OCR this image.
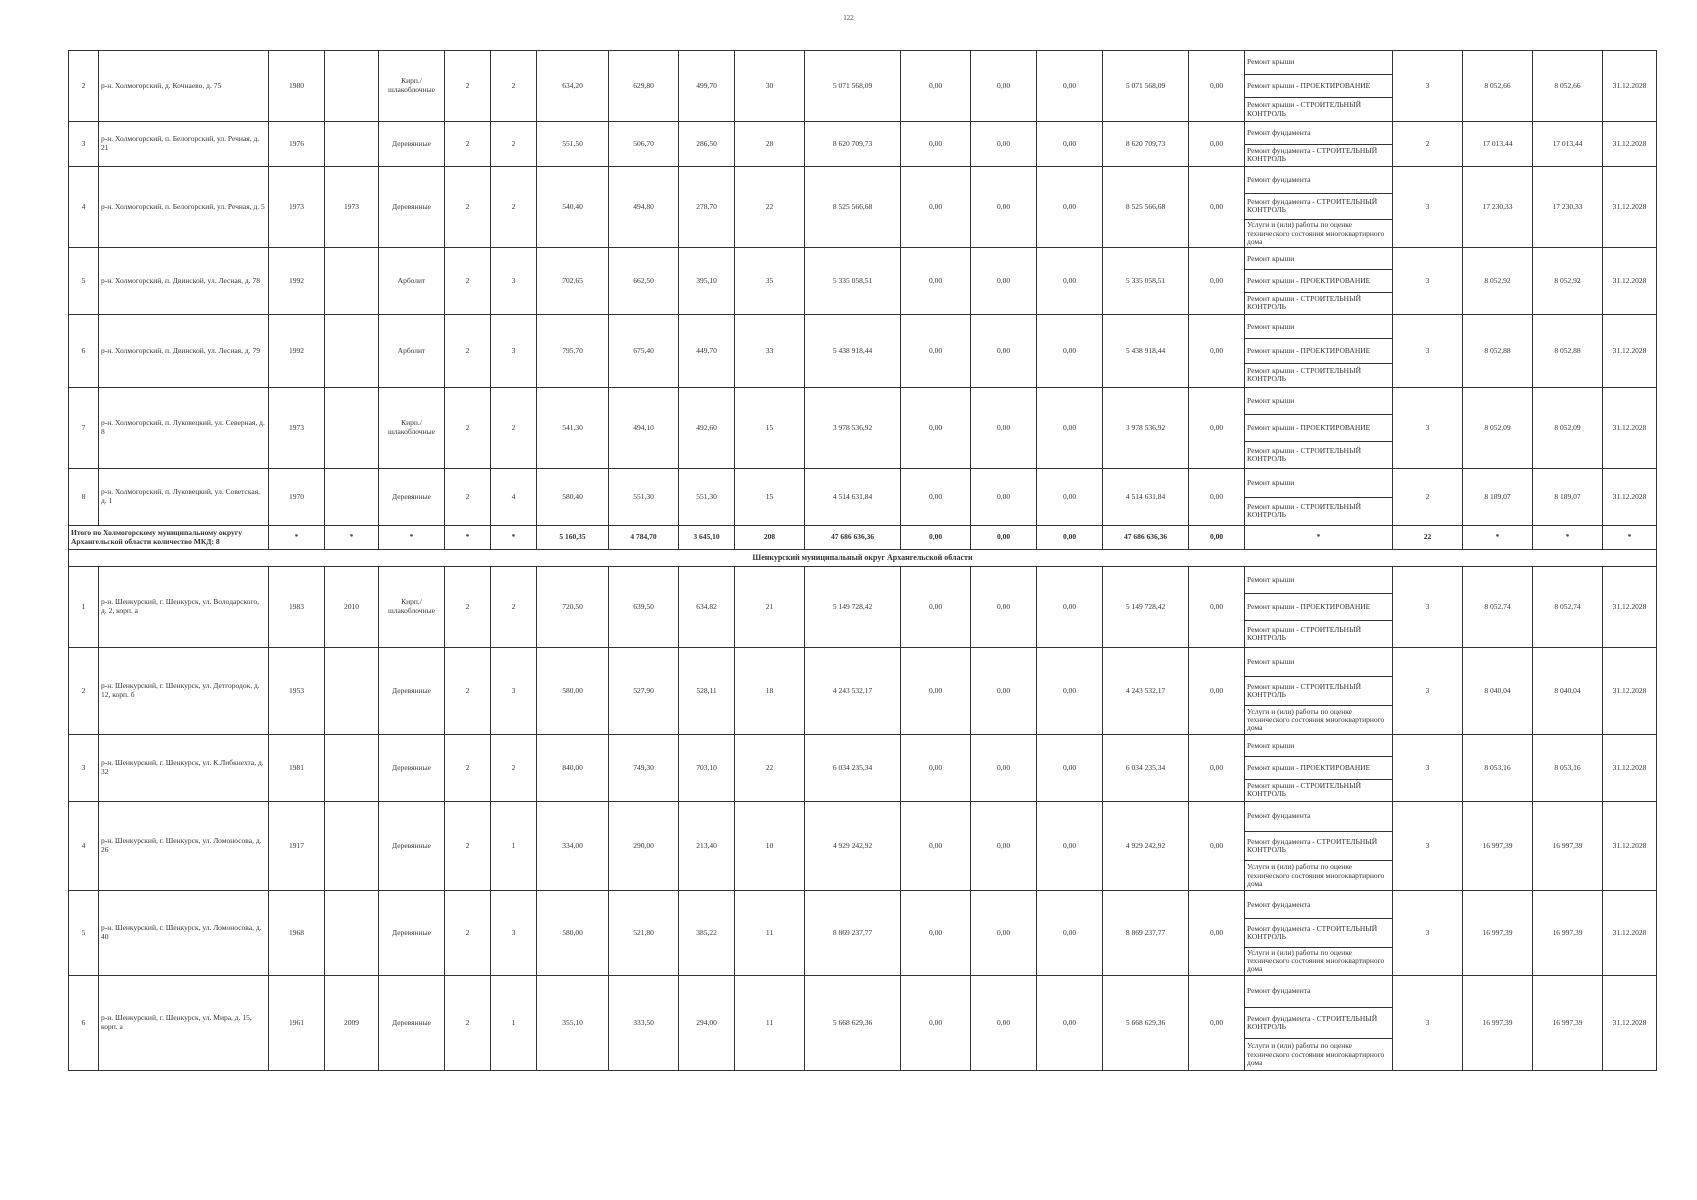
122
2	р-н. Холмогорский, д. Кочнаево, д. 75	1980		Кирп./ шлакоблочные	2	2	634,20	629,80	499,70	30	5 071 568,09	0,00	0,00	0,00	5 071 568,09	0,00	Ремонт крыши
Ремонт крыши - ПРОЕКТИРОВАНИЕ
Ремонт крыши - СТРОИТЕЛЬНЫЙ КОНТРОЛЬ	3	8 052,66	8 052,66	31.12.2028
3	р-н. Холмогорский, п. Белогорский, ул. Речная, д. 21	1976		Деревянные	2	2	551,50	506,70	286,50	28	8 620 709,73	0,00	0,00	0,00	8 620 709,73	0,00	Ремонт фундамента
Ремонт фундамента - СТРОИТЕЛЬНЫЙ КОНТРОЛЬ	2	17 013,44	17 013,44	31.12.2028
4	р-н. Холмогорский, п. Белогорский, ул. Речная, д. 5	1973	1973	Деревянные	2	2	540,40	494,80	278,70	22	8 525 566,68	0,00	0,00	0,00	8 525 566,68	0,00	Ремонт фундамента
Ремонт фундамента - СТРОИТЕЛЬНЫЙ КОНТРОЛЬ
Услуги и (или) работы по оценке технического состояния многоквартирного дома	3	17 230,33	17 230,33	31.12.2028
5	р-н. Холмогорский, п. Двинской, ул. Лесная, д. 78	1992		Арболит	2	3	702,65	662,50	395,10	35	5 335 058,51	0,00	0,00	0,00	5 335 058,51	0,00	Ремонт крыши
Ремонт крыши - ПРОЕКТИРОВАНИЕ
Ремонт крыши - СТРОИТЕЛЬНЫЙ КОНТРОЛЬ	3	8 052,92	8 052,92	31.12.2028
6	р-н. Холмогорский, п. Двинской, ул. Лесная, д. 79	1992		Арболит	2	3	795,70	675,40	449,70	33	5 438 918,44	0,00	0,00	0,00	5 438 918,44	0,00	Ремонт крыши
Ремонт крыши - ПРОЕКТИРОВАНИЕ
Ремонт крыши - СТРОИТЕЛЬНЫЙ КОНТРОЛЬ	3	8 052,88	8 052,88	31.12.2028
7	р-н. Холмогорский, п. Луковецкий, ул. Северная, д. 8	1973		Кирп./ шлакоблочные	2	2	541,30	494,10	492,60	15	3 978 536,92	0,00	0,00	0,00	3 978 536,92	0,00	Ремонт крыши
Ремонт крыши - ПРОЕКТИРОВАНИЕ
Ремонт крыши - СТРОИТЕЛЬНЫЙ КОНТРОЛЬ	3	8 052,09	8 052,09	31.12.2028
8	р-н. Холмогорский, п. Луковецкий, ул. Советская, д. 1	1970		Деревянные	2	4	580,40	551,30	551,30	15	4 514 631,84	0,00	0,00	0,00	4 514 631,84	0,00	Ремонт крыши
Ремонт крыши - СТРОИТЕЛЬНЫЙ КОНТРОЛЬ	2	8 189,07	8 189,07	31.12.2028
Итого по Холмогорскому муниципальному округу Архангельской области количество МКД: 8		*	*	*	*	*	5 160,35	4 784,70	3 645,10	208	47 686 636,36	0,00	0,00	0,00	47 686 636,36	0,00	*	22	*	*	*
Шенкурский муниципальный округ Архангельской области																					
1	р-н. Шенкурский, г. Шенкурск, ул. Володарского, д. 2, корп. а	1983	2010	Кирп./ шлакоблочные	2	2	720,50	639,50	634,82	21	5 149 728,42	0,00	0,00	0,00	5 149 728,42	0,00	Ремонт крыши
Ремонт крыши - ПРОЕКТИРОВАНИЕ
Ремонт крыши - СТРОИТЕЛЬНЫЙ КОНТРОЛЬ	3	8 052,74	8 052,74	31.12.2028
2	р-н. Шенкурский, г. Шенкурск, ул. Детгородок, д. 12, корп. б	1953		Деревянные	2	3	580,00	527,90	528,11	18	4 243 532,17	0,00	0,00	0,00	4 243 532,17	0,00	Ремонт крыши
Ремонт крыши - СТРОИТЕЛЬНЫЙ КОНТРОЛЬ
Услуги и (или) работы по оценке технического состояния многоквартирного дома	3	8 040,04	8 040,04	31.12.2028
3	р-н. Шенкурский, г. Шенкурск, ул. К.Либкнехта, д. 32	1981		Деревянные	2	2	840,00	749,30	703,10	22	6 034 235,34	0,00	0,00	0,00	6 034 235,34	0,00	Ремонт крыши
Ремонт крыши - ПРОЕКТИРОВАНИЕ
Ремонт крыши - СТРОИТЕЛЬНЫЙ КОНТРОЛЬ	3	8 053,16	8 053,16	31.12.2028
4	р-н. Шенкурский, г. Шенкурск, ул. Ломоносова, д. 26	1917		Деревянные	2	1	334,00	290,00	213,40	10	4 929 242,92	0,00	0,00	0,00	4 929 242,92	0,00	Ремонт фундамента
Ремонт фундамента - СТРОИТЕЛЬНЫЙ КОНТРОЛЬ
Услуги и (или) работы по оценке технического состояния многоквартирного дома	3	16 997,39	16 997,39	31.12.2028
5	р-н. Шенкурский, г. Шенкурск, ул. Ломоносова, д. 40	1968		Деревянные	2	3	580,00	521,80	385,22	11	8 869 237,77	0,00	0,00	0,00	8 869 237,77	0,00	Ремонт фундамента
Ремонт фундамента - СТРОИТЕЛЬНЫЙ КОНТРОЛЬ
Услуги и (или) работы по оценке технического состояния многоквартирного дома	3	16 997,39	16 997,39	31.12.2028
6	р-н. Шенкурский, г. Шенкурск, ул. Мира, д. 15, корп. а	1961	2009	Деревянные	2	1	355,10	333,50	294,00	11	5 668 629,36	0,00	0,00	0,00	5 668 629,36	0,00	Ремонт фундамента
Ремонт фундамента - СТРОИТЕЛЬНЫЙ КОНТРОЛЬ
Услуги и (или) работы по оценке технического состояния многоквартирного дома	3	16 997,39	16 997,39	31.12.2028
